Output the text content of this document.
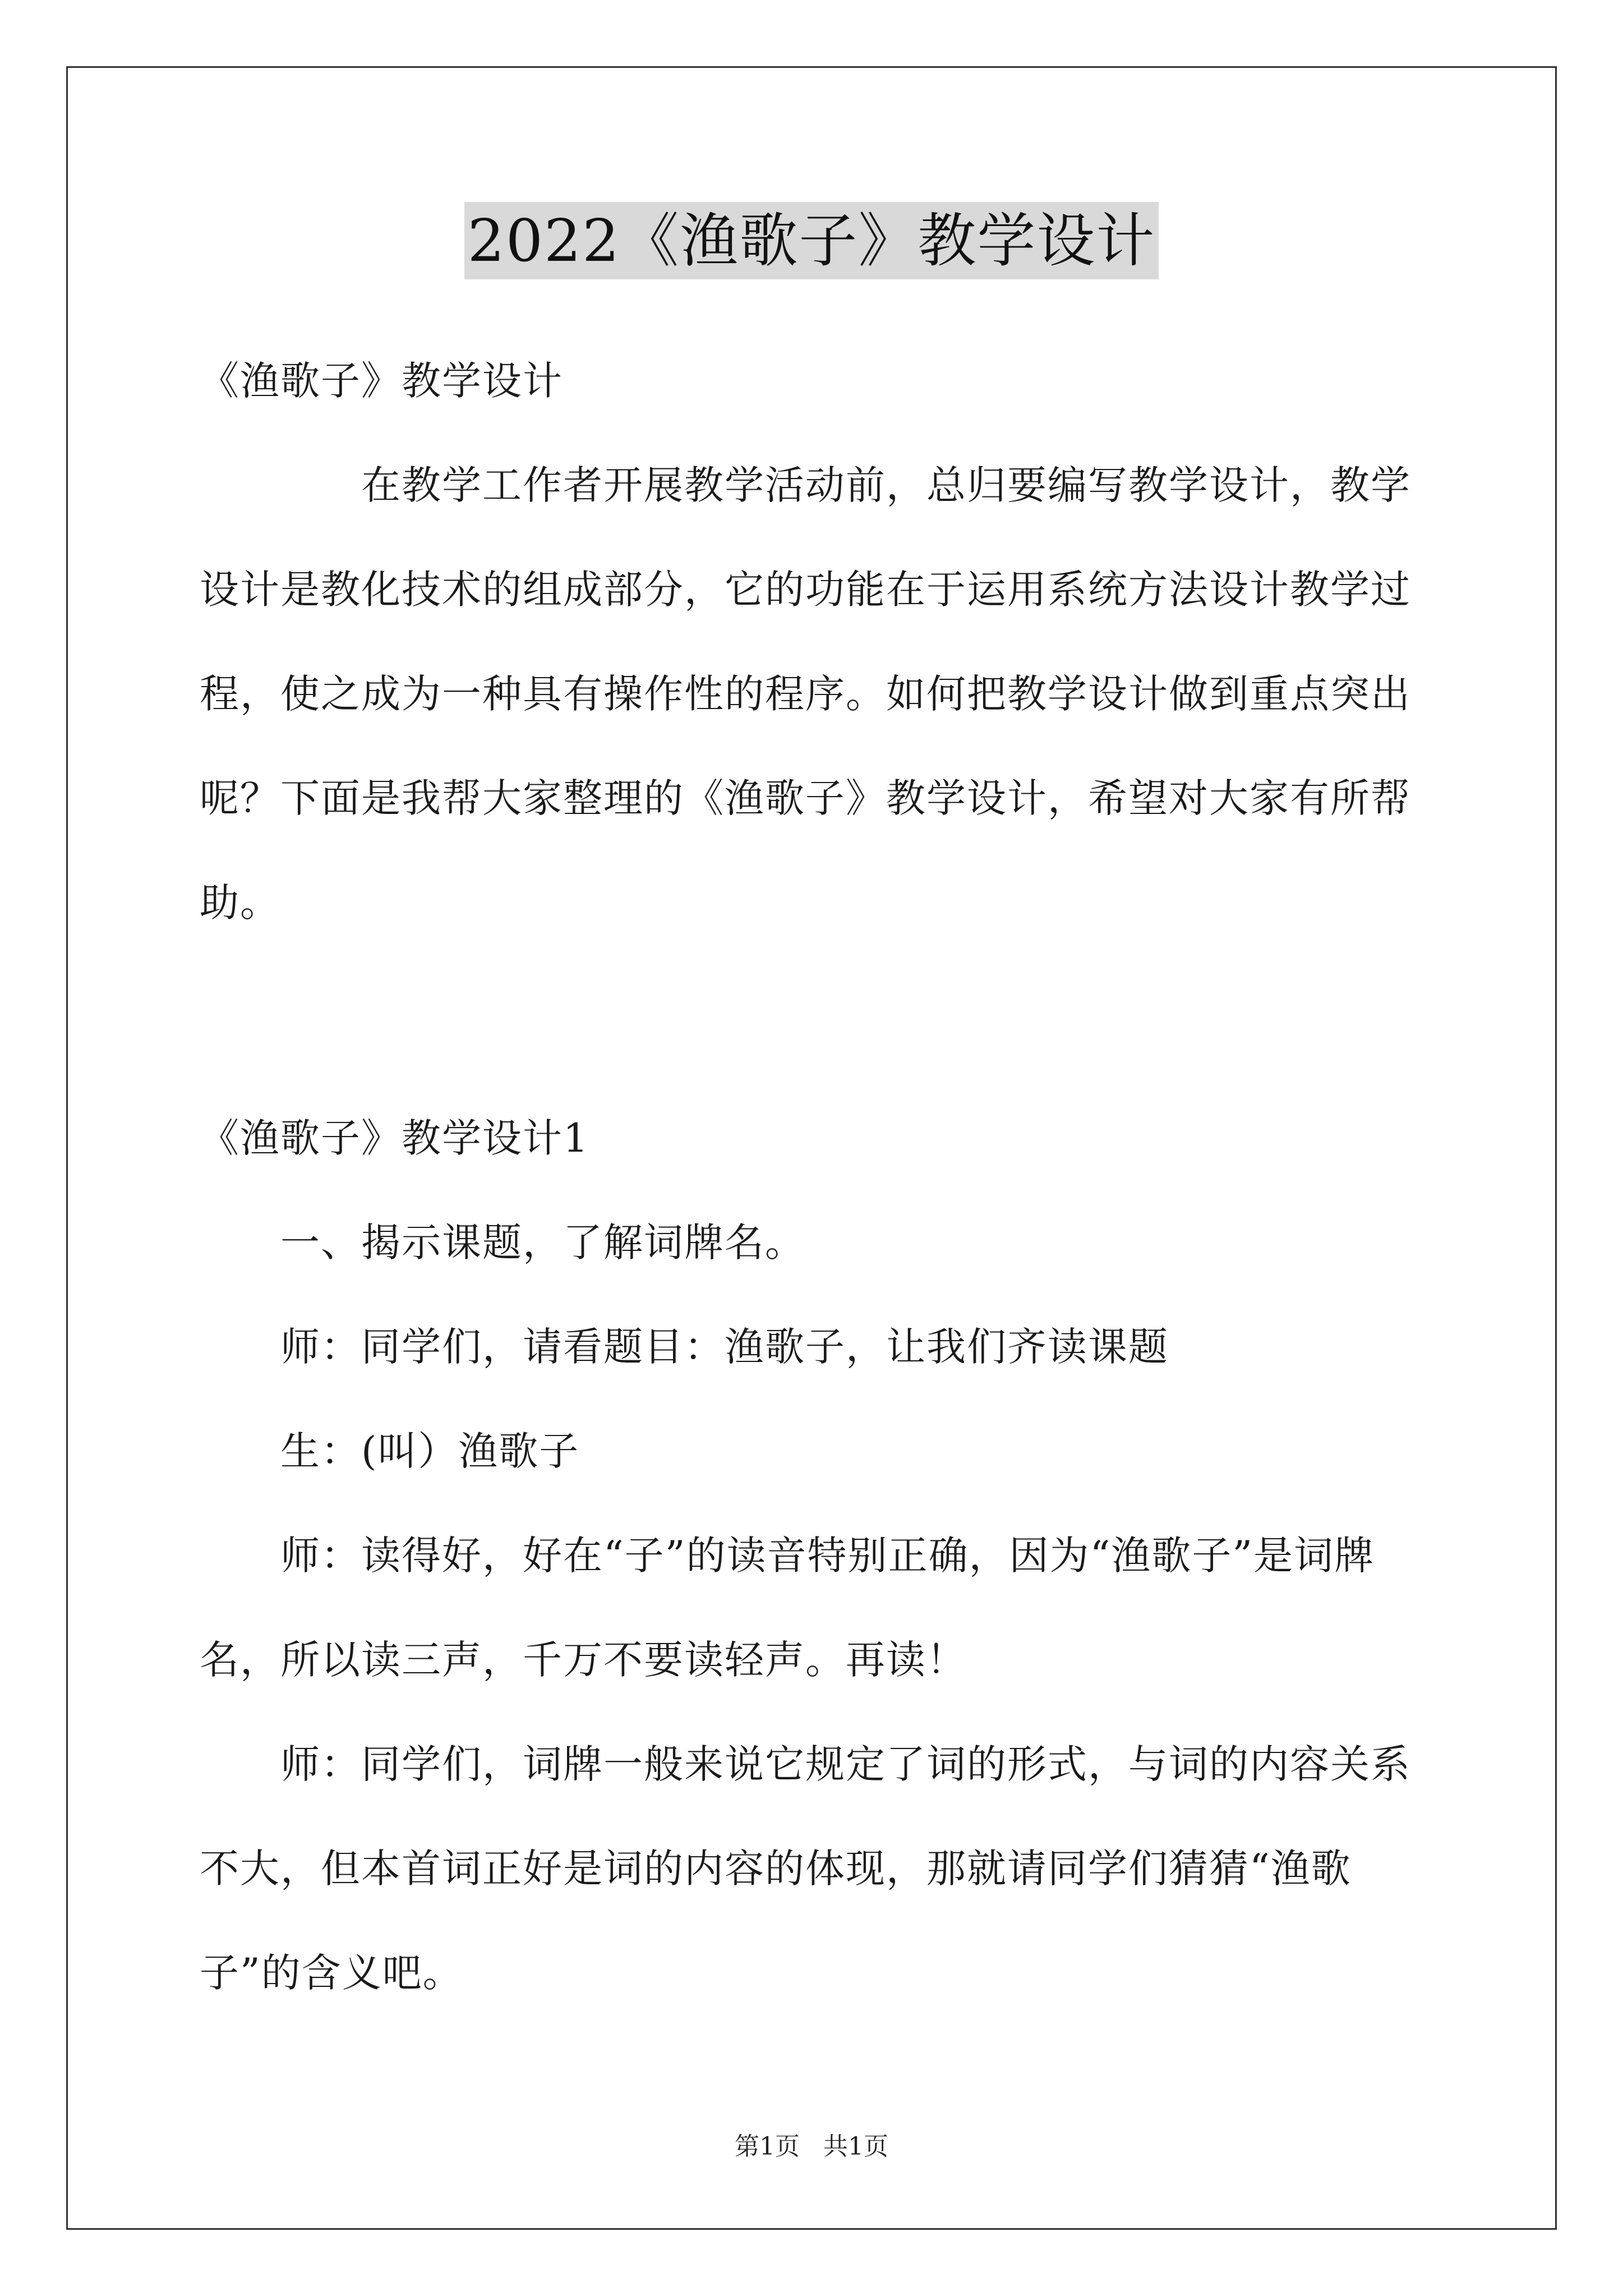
2022《渔歌子》教学设计
《渔歌子》教学设计
在教学工作者开展教学活动前，总归要编写教学设计，教学设计是教化技术的组成部分，它的功能在于运用系统方法设计教学过程，使之成为一种具有操作性的程序。如何把教学设计做到重点突出呢？下面是我帮大家整理的《渔歌子》教学设计，希望对大家有所帮助。
《渔歌子》教学设计1
一、揭示课题，了解词牌名。
师：同学们，请看题目：渔歌子，让我们齐读课题
生：(叫）渔歌子
师：读得好，好在“子”的读音特别正确，因为“渔歌子”是词牌名，所以读三声，千万不要读轻声。再读！
师：同学们，词牌一般来说它规定了词的形式，与词的内容关系不大，但本首词正好是词的内容的体现，那就请同学们猜猜“渔歌子”的含义吧。
第1页 共1页
